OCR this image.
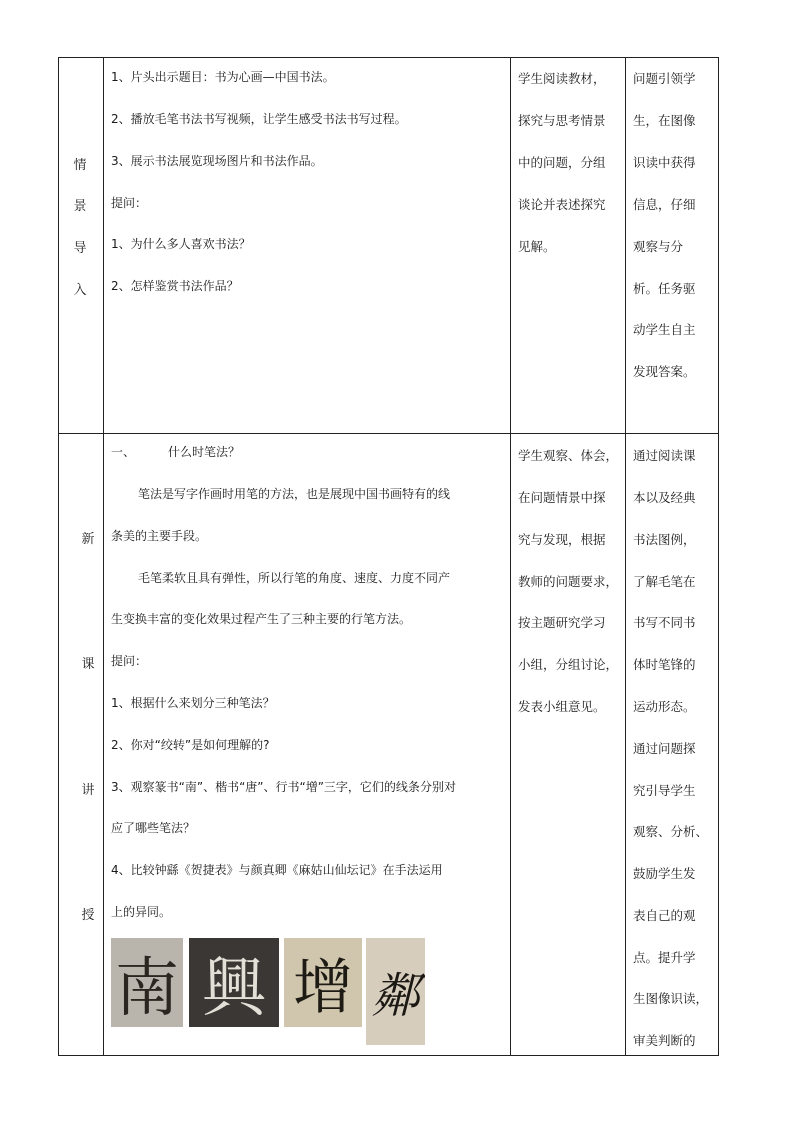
情
景
导
入
1、片头出示题目：书为心画—中国书法。
2、播放毛笔书法书写视频，让学生感受书法书写过程。
3、展示书法展览现场图片和书法作品。
提问：
1、为什么多人喜欢书法？
2、怎样鉴赏书法作品？
学生阅读教材，
探究与思考情景
中的问题，分组
谈论并表述探究
见解。
问题引领学
生，在图像
识读中获得
信息，仔细
观察与分
析。任务驱
动学生自主
发现答案。
新
课
讲
授
一、	什么时笔法？
笔法是写字作画时用笔的方法，也是展现中国书画特有的线
条美的主要手段。
毛笔柔软且具有弹性，所以行笔的角度、速度、力度不同产
生变换丰富的变化效果过程产生了三种主要的行笔方法。
提问：
1、根据什么来划分三种笔法？
2、你对“绞转”是如何理解的?
3、观察篆书“南”、楷书“唐”、行书“增”三字，它们的线条分别对
应了哪些笔法？
4、比较钟繇《贺捷表》与颜真卿《麻姑山仙坛记》在手法运用
上的异同。
南 興 增 鄰
学生观察、体会，
在问题情景中探
究与发现，根据
教师的问题要求，
按主题研究学习
小组，分组讨论，
发表小组意见。
通过阅读课
本以及经典
书法图例，
了解毛笔在
书写不同书
体时笔锋的
运动形态。
通过问题探
究引导学生
观察、分析、
鼓励学生发
表自己的观
点。提升学
生图像识读，
审美判断的
